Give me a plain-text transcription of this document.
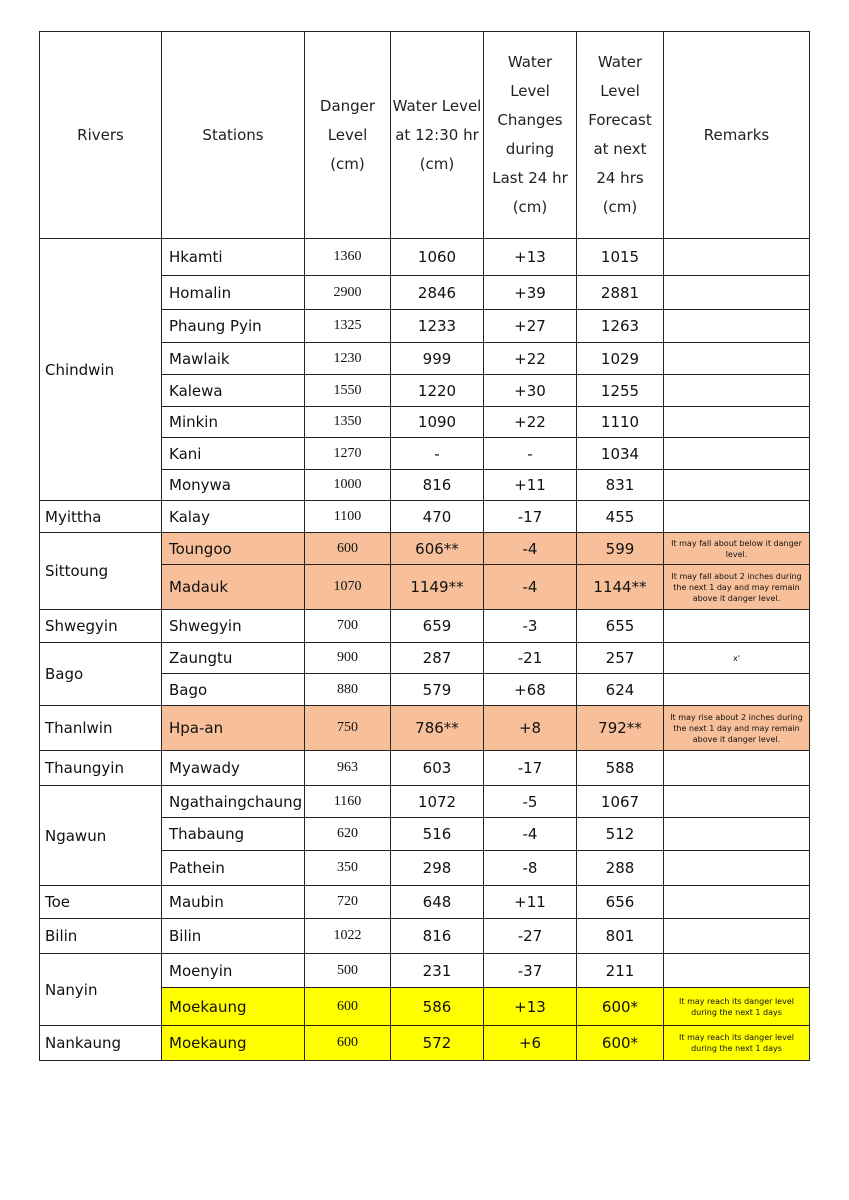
Rivers	Stations	Danger Level (cm)	Water Level at 12:30 hr (cm)	Water Level Changes during Last 24 hr (cm)	Water Level Forecast at next 24 hrs (cm)	Remarks
Chindwin	Hkamti	1360	1060	+13	1015	
	Homalin	2900	2846	+39	2881	
	Phaung Pyin	1325	1233	+27	1263	
	Mawlaik	1230	999	+22	1029	
	Kalewa	1550	1220	+30	1255	
	Minkin	1350	1090	+22	1110	
	Kani	1270	-	-	1034	
	Monywa	1000	816	+11	831	
Myittha	Kalay	1100	470	-17	455	
Sittoung	Toungoo	600	606**	-4	599	It may fall about below it danger level.
	Madauk	1070	1149**	-4	1144**	It may fall about 2 inches during the next 1 day and may remain above it danger level.
Shwegyin	Shwegyin	700	659	-3	655	
Bago	Zaungtu	900	287	-21	257	x'
	Bago	880	579	+68	624	
Thanlwin	Hpa-an	750	786**	+8	792**	It may rise about 2 inches during the next 1 day and may remain above it danger level.
Thaungyin	Myawady	963	603	-17	588	
Ngawun	Ngathaingchaung	1160	1072	-5	1067	
	Thabaung	620	516	-4	512	
	Pathein	350	298	-8	288	
Toe	Maubin	720	648	+11	656	
Bilin	Bilin	1022	816	-27	801	
Nanyin	Moenyin	500	231	-37	211	
	Moekaung	600	586	+13	600*	It may reach its danger level during the next 1 days
Nankaung	Moekaung	600	572	+6	600*	It may reach its danger level during the next 1 days
